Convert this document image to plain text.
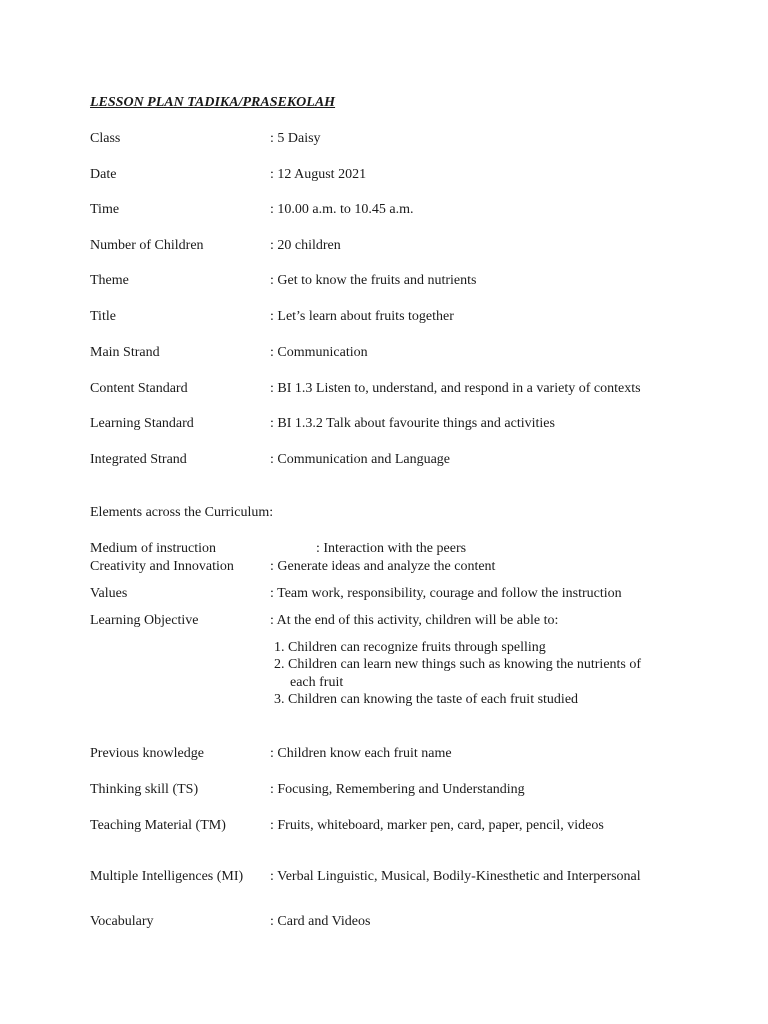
LESSON PLAN TADIKA/PRASEKOLAH
Class	: 5 Daisy
Date	: 12 August 2021
Time	: 10.00 a.m. to 10.45 a.m.
Number of Children	: 20 children
Theme	: Get to know the fruits and nutrients
Title	: Let’s learn about fruits together
Main Strand	: Communication
Content Standard	: BI 1.3 Listen to, understand, and respond in a variety of contexts
Learning Standard	: BI 1.3.2 Talk about favourite things and activities
Integrated Strand	: Communication and Language
Elements across the Curriculum:
Medium of instruction	: Interaction with the peers
Creativity and Innovation	: Generate ideas and analyze the content
Values	: Team work, responsibility, courage and follow the instruction
Learning Objective	: At the end of this activity, children will be able to:
1. Children can recognize fruits through spelling
2. Children can learn new things such as knowing the nutrients of
each fruit
3. Children can knowing the taste of each fruit studied
Previous knowledge	: Children know each fruit name
Thinking skill (TS)	: Focusing, Remembering and Understanding
Teaching Material (TM)	: Fruits, whiteboard, marker pen, card, paper, pencil, videos
Multiple Intelligences (MI) : Verbal Linguistic, Musical, Bodily-Kinesthetic and Interpersonal
Vocabulary	: Card and Videos
